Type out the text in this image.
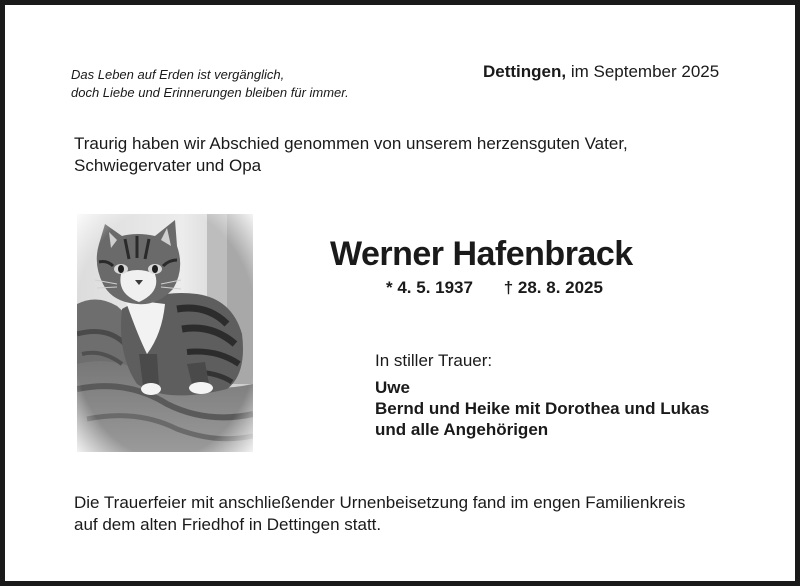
Das Leben auf Erden ist vergänglich,
doch Liebe und Erinnerungen bleiben für immer.
Dettingen, im September 2025
Traurig haben wir Abschied genommen von unserem herzensguten Vater,
Schwiegervater und Opa
Werner Hafenbrack
* 4. 5. 1937 † 28. 8. 2025
In stiller Trauer:
Uwe
Bernd und Heike mit Dorothea und Lukas
und alle Angehörigen
Die Trauerfeier mit anschließender Urnenbeisetzung fand im engen Familienkreis
auf dem alten Friedhof in Dettingen statt.
